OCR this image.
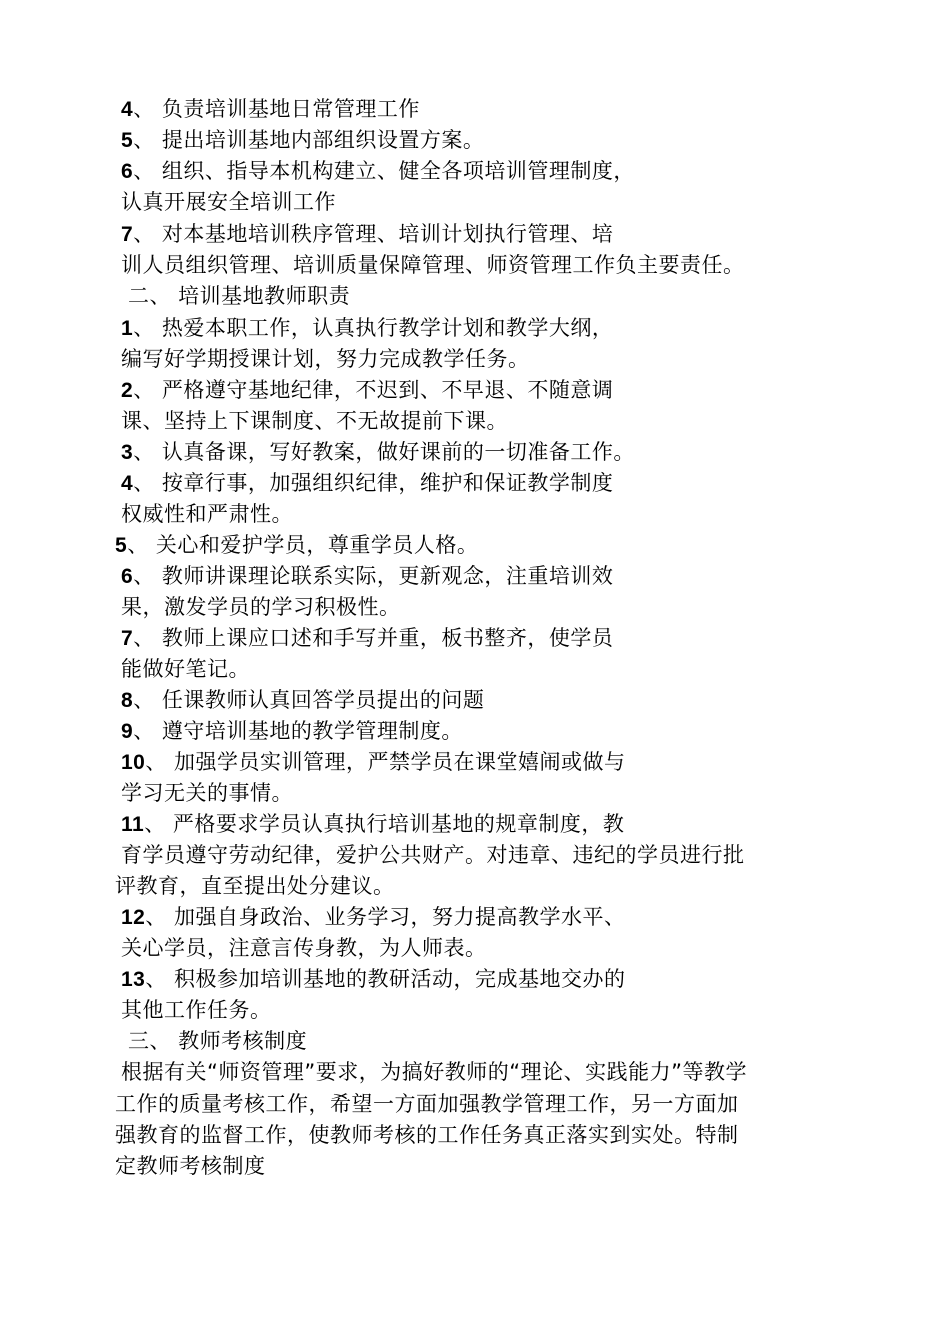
4、 负责培训基地日常管理工作
5、 提出培训基地内部组织设置方案。
6、 组织、指导本机构建立、健全各项培训管理制度，
认真开展安全培训工作
7、 对本基地培训秩序管理、培训计划执行管理、培
训人员组织管理、培训质量保障管理、师资管理工作负主要责任。
二、 培训基地教师职责
1、 热爱本职工作，认真执行教学计划和教学大纲，
编写好学期授课计划，努力完成教学任务。
2、 严格遵守基地纪律，不迟到、不早退、不随意调
课、坚持上下课制度、不无故提前下课。
3、 认真备课，写好教案，做好课前的一切准备工作。
4、 按章行事，加强组织纪律，维护和保证教学制度
权威性和严肃性。
5、 关心和爱护学员，尊重学员人格。
6、 教师讲课理论联系实际，更新观念，注重培训效
果，激发学员的学习积极性。
7、 教师上课应口述和手写并重，板书整齐，使学员
能做好笔记。
8、 任课教师认真回答学员提出的问题
9、 遵守培训基地的教学管理制度。
10、 加强学员实训管理，严禁学员在课堂嬉闹或做与
学习无关的事情。
11、 严格要求学员认真执行培训基地的规章制度，教
育学员遵守劳动纪律，爱护公共财产。对违章、违纪的学员进行批
评教育，直至提出处分建议。
12、 加强自身政治、业务学习，努力提高教学水平、
关心学员，注意言传身教，为人师表。
13、 积极参加培训基地的教研活动，完成基地交办的
其他工作任务。
三、 教师考核制度
根据有关“师资管理”要求，为搞好教师的“理论、实践能力”等教学
工作的质量考核工作，希望一方面加强教学管理工作，另一方面加
强教育的监督工作，使教师考核的工作任务真正落实到实处。特制
定教师考核制度
